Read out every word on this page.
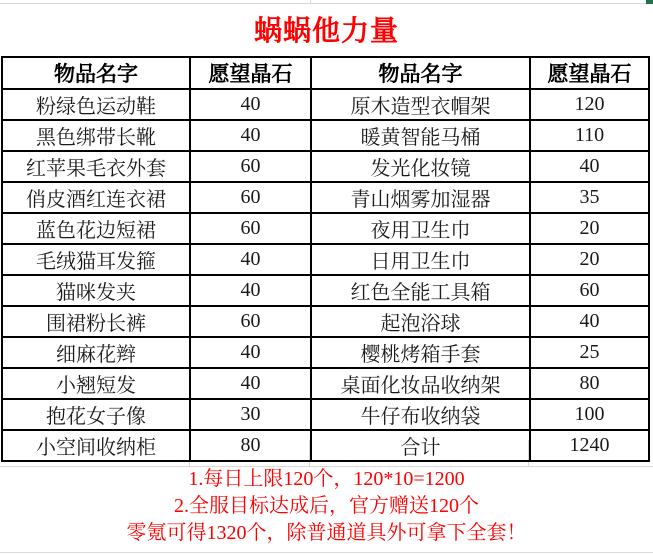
蜗蜗他力量
物品名字	愿望晶石	物品名字	愿望晶石
粉绿色运动鞋	40	原木造型衣帽架	120
黑色绑带长靴	40	暖黄智能马桶	110
红苹果毛衣外套	60	发光化妆镜	40
俏皮酒红连衣裙	60	青山烟雾加湿器	35
蓝色花边短裙	60	夜用卫生巾	20
毛绒猫耳发箍	40	日用卫生巾	20
猫咪发夹	40	红色全能工具箱	60
围裙粉长裤	60	起泡浴球	40
细麻花辫	40	樱桃烤箱手套	25
小翘短发	40	桌面化妆品收纳架	80
抱花女子像	30	牛仔布收纳袋	100
小空间收纳柜	80	合计	1240
1.每日上限120个，120*10=1200
2.全服目标达成后，官方赠送120个
零氪可得1320个，除普通道具外可拿下全套！
